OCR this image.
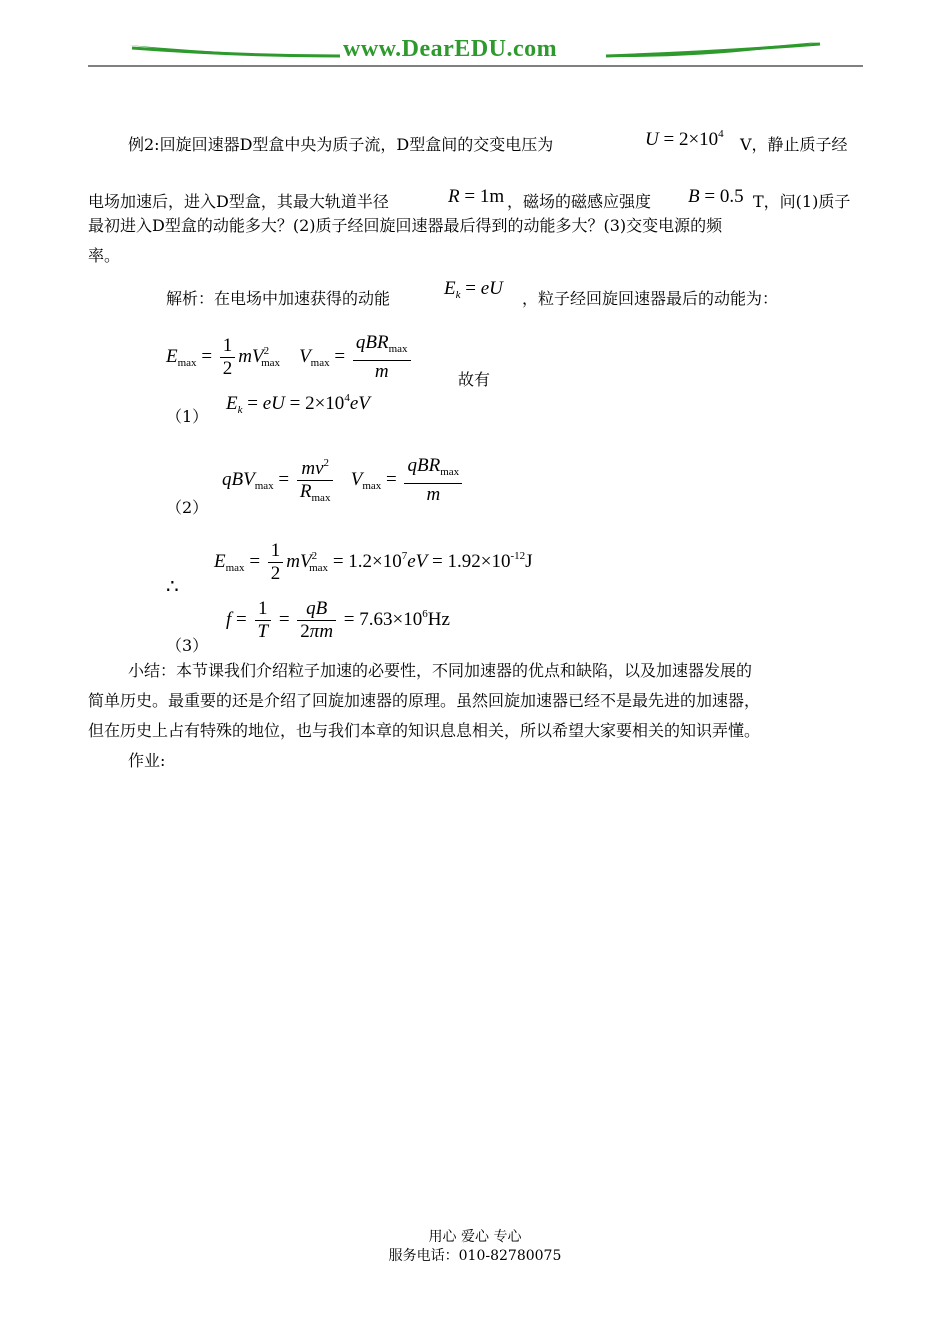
www.DearEDU.com
例2:回旋回速器D型盒中央为质子流，D型盒间的交变电压为	$U = 2\times 10^4$
V，静止质子经
电场加速后，进入D型盒，其最大轨道半径	R = 1m ，磁场的磁感应强度 B = 0.5 T，问(1)质子
最初进入D型盒的动能多大？(2)质子经回旋回速器最后得到的动能多大？(3)交变电源的频
率。
解析：在电场中加速获得的动能	$E_k$ = eU ，粒子经回旋回速器最后的动能为：
$E_{max} = \frac{1}{2} mV^2_{max}$ $V_{max} = \frac{qBR_{max}}{m}$	故有
$E_k$ = eU = $2\times 10^4eV$
（1）
$qBV_{max} = \frac{mv^2}{R_{max}} V_{max} = \frac{qBR_{max}}{m}$
（2）
$E_{max} = \frac{1}{2} mV^2_{max} = 1.2\times 10^7eV = 1.92\times 10^{-12}J$
∴
$f = \frac{1}{T} = \frac{qB}{2\pi m} = 7.63\times 10^6Hz$
（3）
小结：本节课我们介绍粒子加速的必要性，不同加速器的优点和缺陷，以及加速器发展的
简单历史。最重要的还是介绍了回旋加速器的原理。虽然回旋加速器已经不是最先进的加速器，
但在历史上占有特殊的地位，也与我们本章的知识息息相关，所以希望大家要相关的知识弄懂。
作业:
用心 爱心 专心
服务电话：010-82780075
